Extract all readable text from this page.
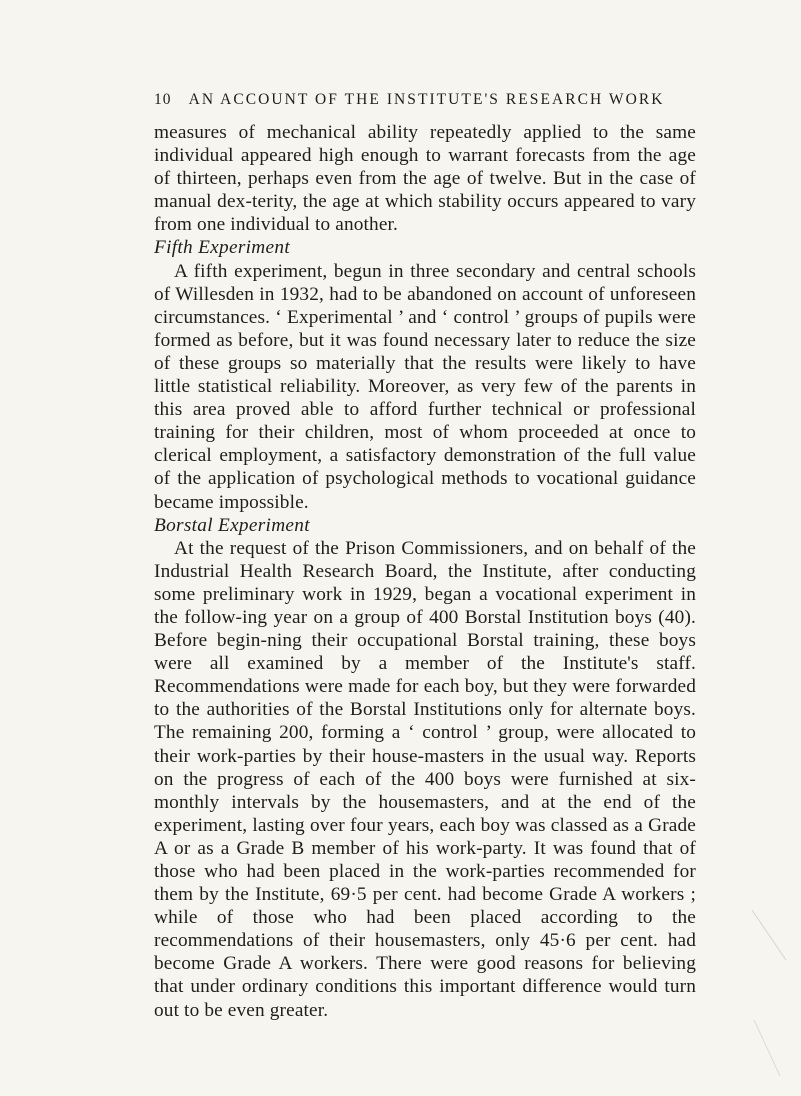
10 AN ACCOUNT OF THE INSTITUTE'S RESEARCH WORK

measures of mechanical ability repeatedly applied to the same individual appeared high enough to warrant forecasts from the age of thirteen, perhaps even from the age of twelve. But in the case of manual dex-terity, the age at which stability occurs appeared to vary from one individual to another.

Fifth Experiment

A fifth experiment, begun in three secondary and central schools of Willesden in 1932, had to be abandoned on account of unforeseen circumstances. ‘ Experimental ’ and ‘ control ’ groups of pupils were formed as before, but it was found necessary later to reduce the size of these groups so materially that the results were likely to have little statistical reliability. Moreover, as very few of the parents in this area proved able to afford further technical or professional training for their children, most of whom proceeded at once to clerical employment, a satisfactory demonstration of the full value of the application of psychological methods to vocational guidance became impossible.

Borstal Experiment

At the request of the Prison Commissioners, and on behalf of the Industrial Health Research Board, the Institute, after conducting some preliminary work in 1929, began a vocational experiment in the follow-ing year on a group of 400 Borstal Institution boys (40). Before begin-ning their occupational Borstal training, these boys were all examined by a member of the Institute's staff. Recommendations were made for each boy, but they were forwarded to the authorities of the Borstal Institutions only for alternate boys. The remaining 200, forming a ‘ control ’ group, were allocated to their work-parties by their house-masters in the usual way. Reports on the progress of each of the 400 boys were furnished at six-monthly intervals by the housemasters, and at the end of the experiment, lasting over four years, each boy was classed as a Grade A or as a Grade B member of his work-party. It was found that of those who had been placed in the work-parties recommended for them by the Institute, 69·5 per cent. had become Grade A workers ; while of those who had been placed according to the recommendations of their housemasters, only 45·6 per cent. had become Grade A workers. There were good reasons for believing that under ordinary conditions this important difference would turn out to be even greater.
